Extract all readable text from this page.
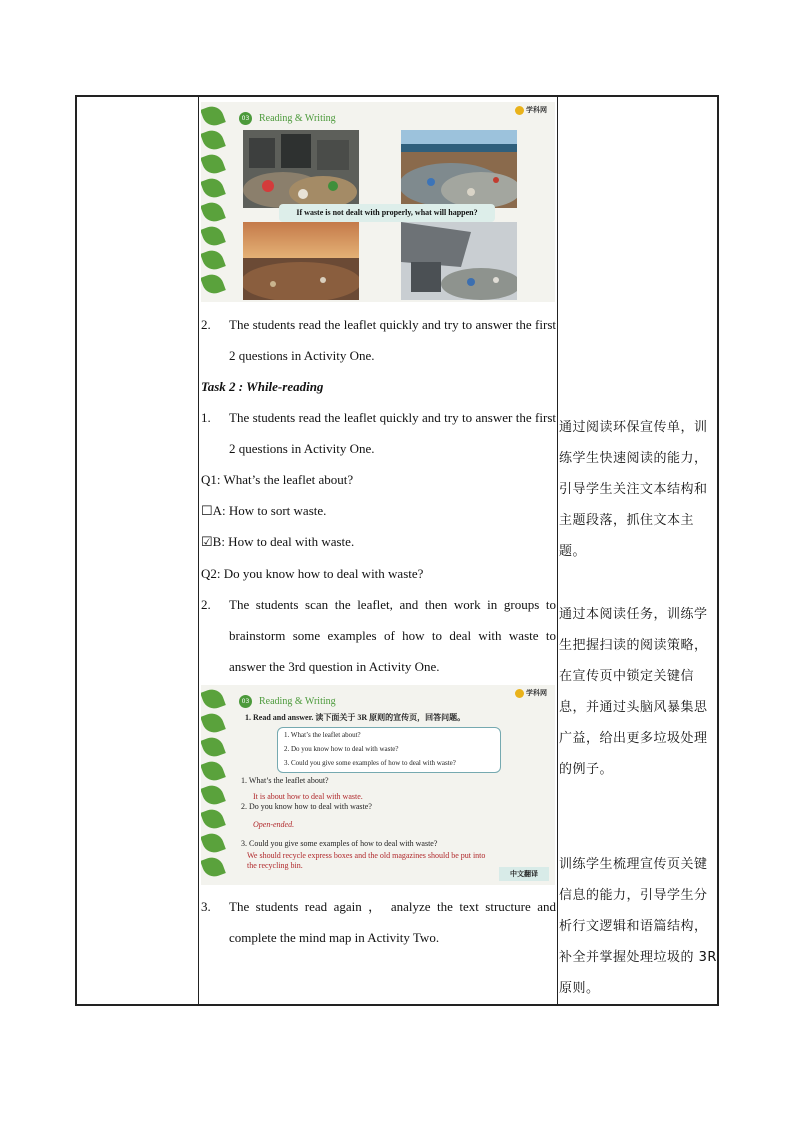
03 Reading & Writing
学科网
If waste is not dealt with properly, what will happen?
2. The students read the leaflet quickly and try to answer the first 2 questions in Activity One.
Task 2 : While-reading
1. The students read the leaflet quickly and try to answer the first 2 questions in Activity One.
Q1: What’s the leaflet about?
☐A: How to sort waste.
☑B: How to deal with waste.
Q2: Do you know how to deal with waste?
2. The students scan the leaflet, and then work in groups to brainstorm some examples of how to deal with waste to answer the 3rd question in Activity One.
03 Reading & Writing
学科网
1. Read and answer. 读下面关于 3R 原则的宣传页，回答问题。
1. What’s the leaflet about?
2. Do you know how to deal with waste?
3. Could you give some examples of how to deal with waste?
1. What’s the leaflet about?
It is about how to deal with waste.
2. Do you know how to deal with waste?
Open-ended.
3. Could you give some examples of how to deal with waste?
We should recycle express boxes and the old magazines should be put into the recycling bin.
中文翻译
3. The students read again ， analyze the text structure and complete the mind map in Activity Two.
通过阅读环保宣传单，训练学生快速阅读的能力，引导学生关注文本结构和主题段落，抓住文本主题。
通过本阅读任务，训练学生把握扫读的阅读策略，在宣传页中锁定关键信息，并通过头脑风暴集思广益，给出更多垃圾处理的例子。
训练学生梳理宣传页关键信息的能力，引导学生分析行文逻辑和语篇结构，补全并掌握处理垃圾的 3R 原则。
